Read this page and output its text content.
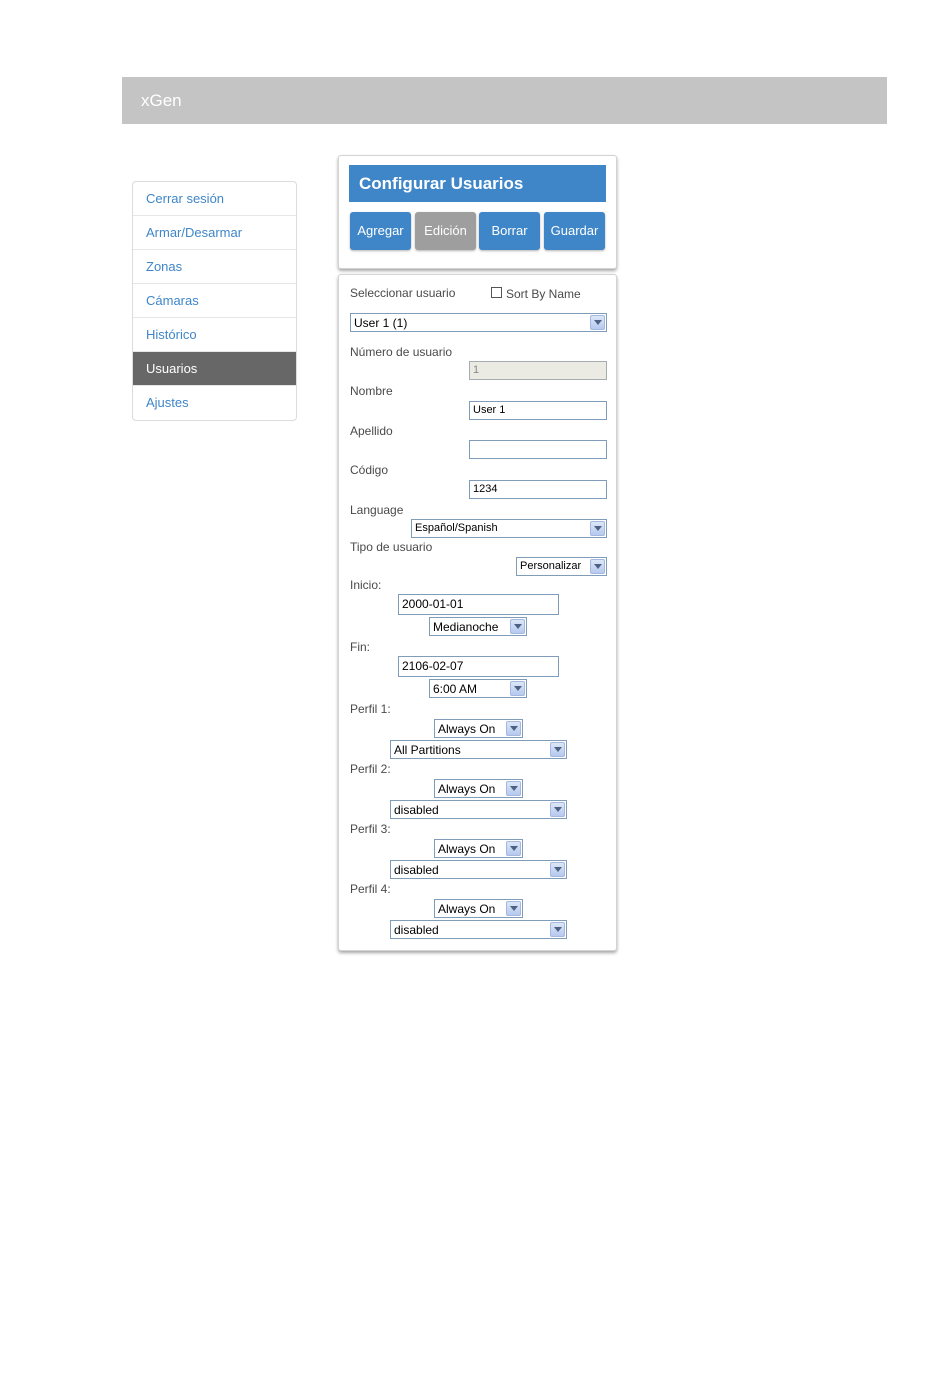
xGen
Cerrar sesión
Armar/Desarmar
Zonas
Cámaras
Histórico
Usuarios
Ajustes
Configurar Usuarios
Agregar	Edición	Borrar	Guardar
Seleccionar usuario	Sort By Name
User 1 (1)
Número de usuario
1
Nombre
User 1
Apellido
Código
1234
Language
Español/Spanish
Tipo de usuario
Personalizar
Inicio:
2000-01-01
Medianoche
Fin:
2106-02-07
6:00 AM
Perfil 1:
Always On
All Partitions
Perfil 2:
Always On
disabled
Perfil 3:
Always On
disabled
Perfil 4:
Always On
disabled
